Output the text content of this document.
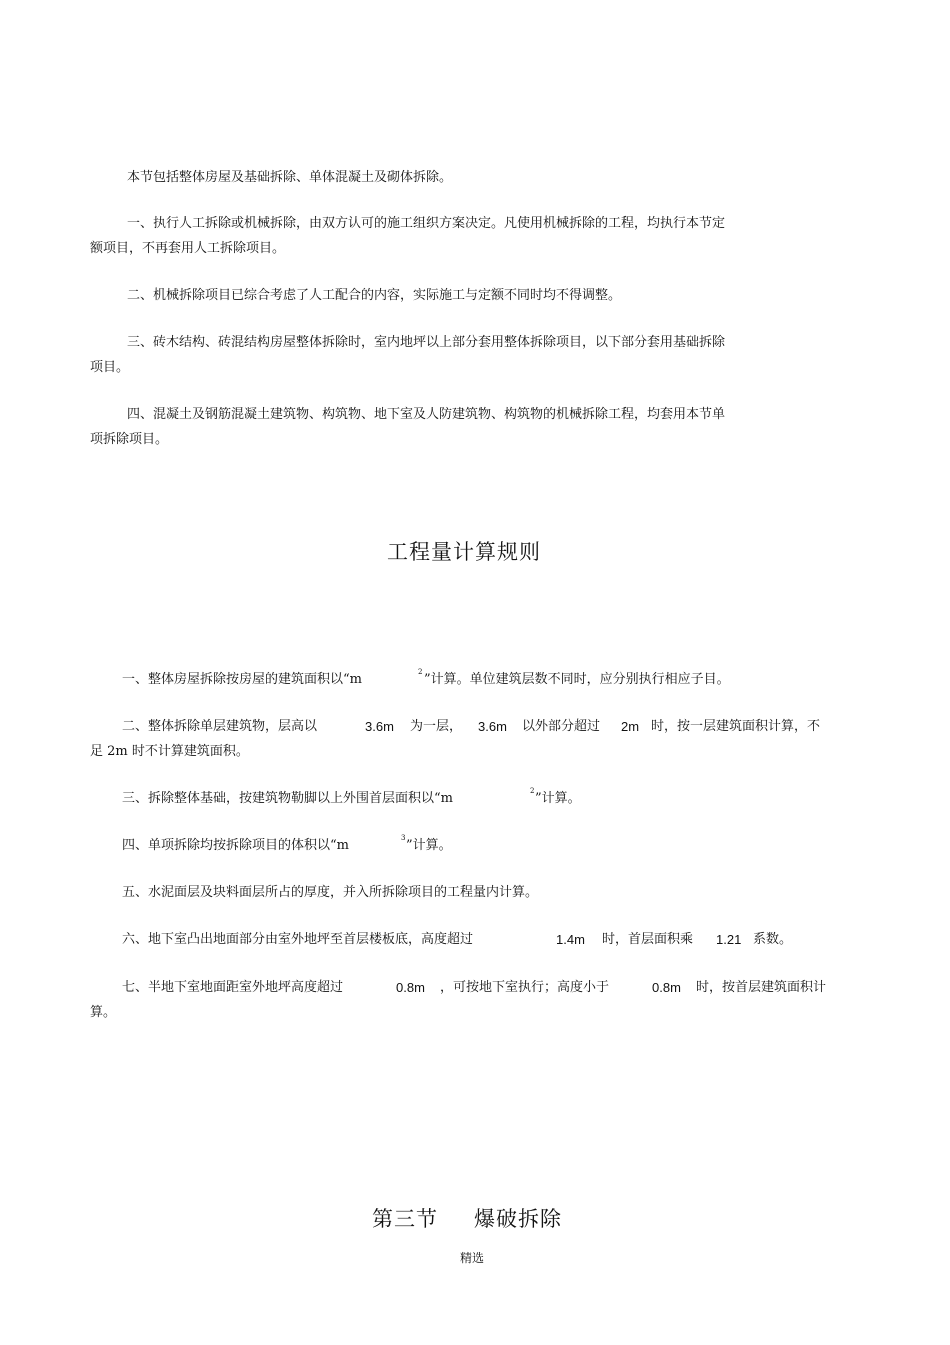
本节包括整体房屋及基础拆除、单体混凝土及砌体拆除。
一、执行人工拆除或机械拆除，由双方认可的施工组织方案决定。凡使用机械拆除的工程，均执行本节定
额项目，不再套用人工拆除项目。
二、机械拆除项目已综合考虑了人工配合的内容，实际施工与定额不同时均不得调整。
三、砖木结构、砖混结构房屋整体拆除时，室内地坪以上部分套用整体拆除项目，以下部分套用基础拆除
项目。
四、混凝土及钢筋混凝土建筑物、构筑物、地下室及人防建筑物、构筑物的机械拆除工程，均套用本节单
项拆除项目。
工程量计算规则
一、整体房屋拆除按房屋的建筑面积以“m	2 ”计算。单位建筑层数不同时，应分别执行相应子目。
二、整体拆除单层建筑物，层高以	3.6m 为一层， 3.6m 以外部分超过 2m 时，按一层建筑面积计算，不
足 2m 时不计算建筑面积。
三、拆除整体基础，按建筑物勒脚以上外围首层面积以“m	2 ”计算。
四、单项拆除均按拆除项目的体积以“m	3 ”计算。
五、水泥面层及块料面层所占的厚度，并入所拆除项目的工程量内计算。
六、地下室凸出地面部分由室外地坪至首层楼板底，高度超过	1.4m 时，首层面积乘 1.21 系数。
七、半地下室地面距室外地坪高度超过	0.8m ，可按地下室执行；高度小于	0.8m 时，按首层建筑面积计
算。
第三节 爆破拆除
精选
